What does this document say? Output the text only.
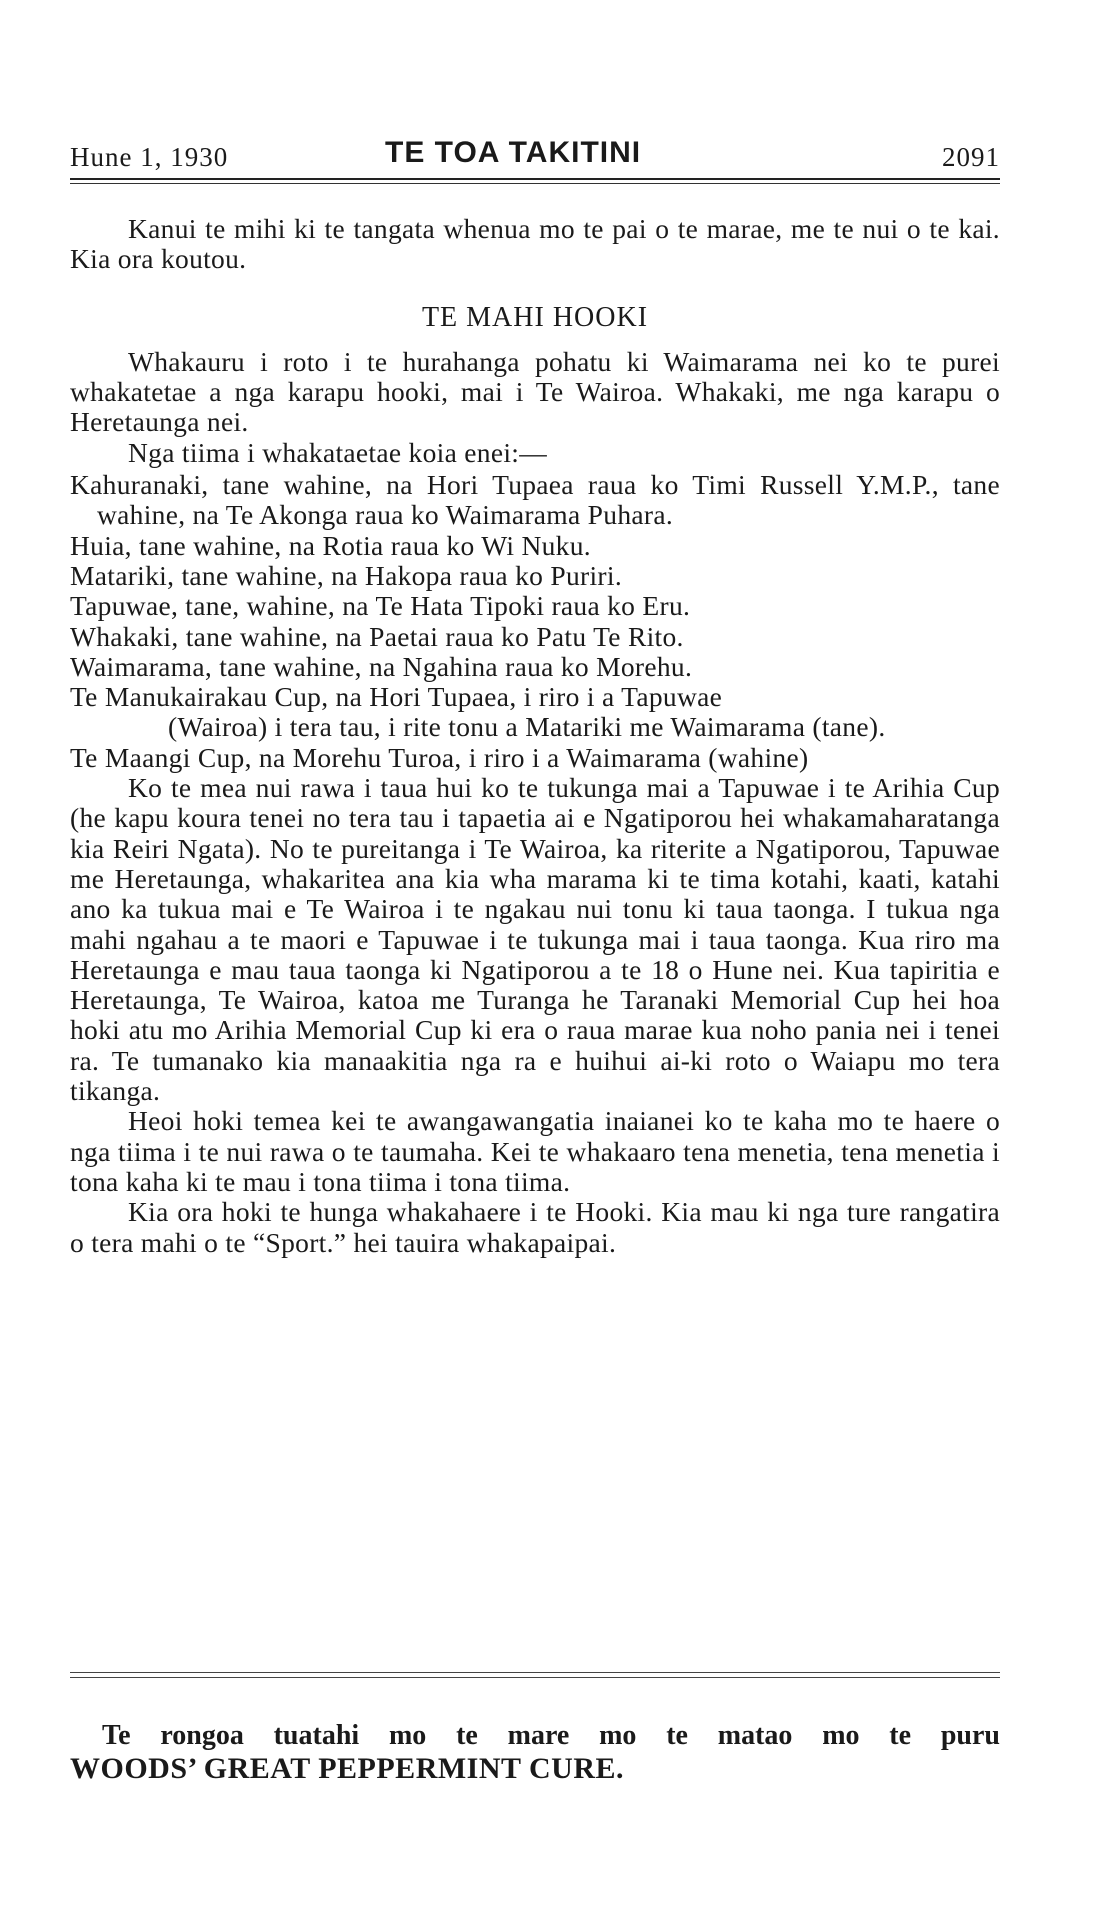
Hune 1, 1930	TE TOA TAKITINI	2091

Kanui te mihi ki te tangata whenua mo te pai o te marae, me te nui o te kai. Kia ora koutou.

TE MAHI HOOKI

Whakauru i roto i te hurahanga pohatu ki Waimarama nei ko te purei whakatetae a nga karapu hooki, mai i Te Wairoa. Whakaki, me nga karapu o Heretaunga nei.

Nga tiima i whakataetae koia enei:—

Kahuranaki, tane wahine, na Hori Tupaea raua ko Timi Russell Y.M.P., tane wahine, na Te Akonga raua ko Waimarama Puhara.

Huia, tane wahine, na Rotia raua ko Wi Nuku.

Matariki, tane wahine, na Hakopa raua ko Puriri.

Tapuwae, tane, wahine, na Te Hata Tipoki raua ko Eru.

Whakaki, tane wahine, na Paetai raua ko Patu Te Rito.

Waimarama, tane wahine, na Ngahina raua ko Morehu.

Te Manukairakau Cup, na Hori Tupaea, i riro i a Tapuwae

(Wairoa) i tera tau, i rite tonu a Matariki me Waimarama (tane).

Te Maangi Cup, na Morehu Turoa, i riro i a Waimarama (wahine)

Ko te mea nui rawa i taua hui ko te tukunga mai a Tapuwae i te Arihia Cup (he kapu koura tenei no tera tau i tapaetia ai e Ngatiporou hei whakamaharatanga kia Reiri Ngata). No te pureitanga i Te Wairoa, ka riterite a Ngatiporou, Tapuwae me Heretaunga, whakaritea ana kia wha marama ki te tima kotahi, kaati, katahi ano ka tukua mai e Te Wairoa i te ngakau nui tonu ki taua taonga. I tukua nga mahi ngahau a te maori e Tapuwae i te tukunga mai i taua taonga. Kua riro ma Heretaunga e mau taua taonga ki Ngatiporou a te 18 o Hune nei. Kua tapiritia e Heretaunga, Te Wairoa, katoa me Turanga he Taranaki Memorial Cup hei hoa hoki atu mo Arihia Memorial Cup ki era o raua marae kua noho pania nei i tenei ra. Te tumanako kia manaakitia nga ra e huihui ai-ki roto o Waiapu mo tera tikanga.

Heoi hoki temea kei te awangawangatia inaianei ko te kaha mo te haere o nga tiima i te nui rawa o te taumaha. Kei te whakaaro tena menetia, tena menetia i tona kaha ki te mau i tona tiima i tona tiima.

Kia ora hoki te hunga whakahaere i te Hooki. Kia mau ki nga ture rangatira o tera mahi o te “Sport.” hei tauira whakapaipai.

Te rongoa tuatahi mo te mare mo te matao mo te puru
WOODS’ GREAT PEPPERMINT CURE.
